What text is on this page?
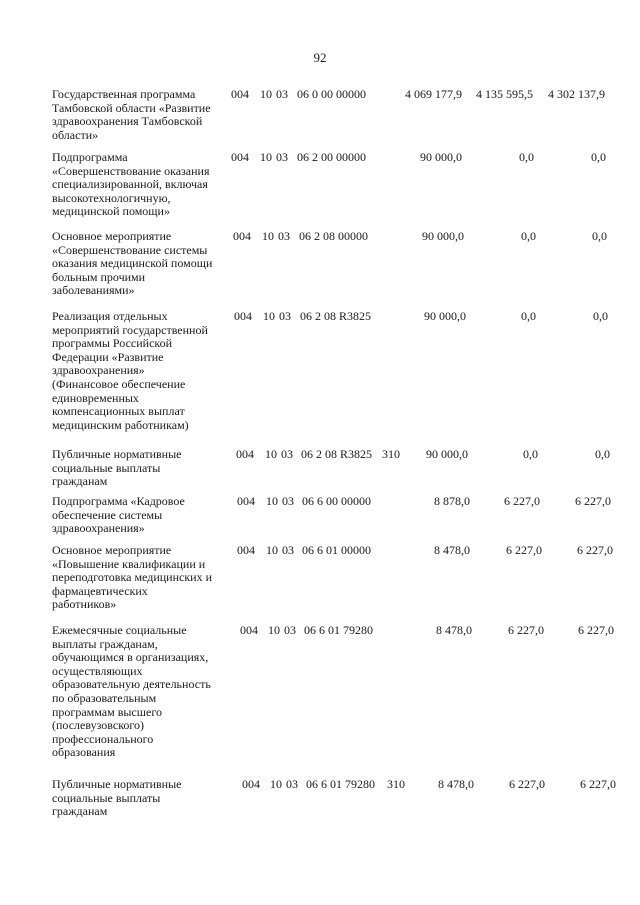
92
Государственная программа
Тамбовской области «Развитие
здравоохранения Тамбовской
области»
004 10 03 06 0 00 00000	4 069 177,9	4 135 595,5	4 302 137,9
Подпрограмма
«Совершенствование оказания
специализированной, включая
высокотехнологичную,
медицинской помощи»
004 10 03 06 2 00 00000	90 000,0	0,0	0,0
Основное мероприятие
«Совершенствование системы
оказания медицинской помощи
больным прочими
заболеваниями»
004 10 03 06 2 08 00000	90 000,0	0,0	0,0
Реализация отдельных
мероприятий государственной
программы Российской
Федерации «Развитие
здравоохранения»
(Финансовое обеспечение
единовременных
компенсационных выплат
медицинским работникам)
004 10 03 06 2 08 R3825	90 000,0	0,0	0,0
Публичные нормативные
социальные выплаты
гражданам
004 10 03 06 2 08 R3825 310	90 000,0	0,0	0,0
Подпрограмма «Кадровое
обеспечение системы
здравоохранения»
004 10 03 06 6 00 00000	8 878,0	6 227,0	6 227,0
Основное мероприятие
«Повышение квалификации и
переподготовка медицинских и
фармацевтических
работников»
004 10 03 06 6 01 00000	8 478,0	6 227,0	6 227,0
Ежемесячные социальные
выплаты гражданам,
обучающимся в организациях,
осуществляющих
образовательную деятельность
по образовательным
программам высшего
(послевузовского)
профессионального
образования
004 10 03 06 6 01 79280	8 478,0	6 227,0	6 227,0
Публичные нормативные
социальные выплаты
гражданам
004 10 03 06 6 01 79280 310	8 478,0	6 227,0	6 227,0
